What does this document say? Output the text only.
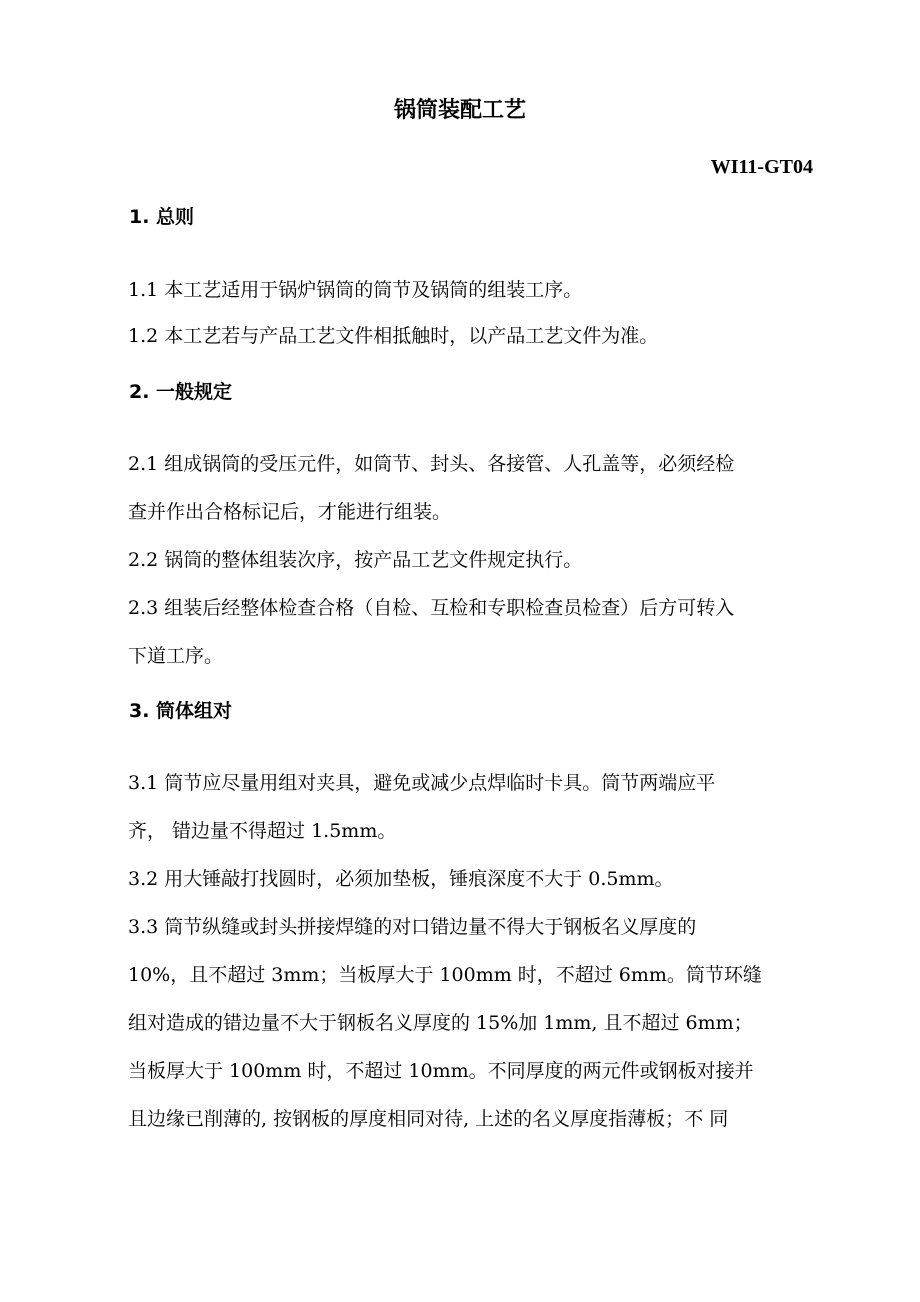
锅筒装配工艺
WI11-GT04
1. 总则
1.1 本工艺适用于锅炉锅筒的筒节及锅筒的组装工序。
1.2 本工艺若与产品工艺文件相抵触时，以产品工艺文件为准。
2. 一般规定
2.1 组成锅筒的受压元件，如筒节、封头、各接管、人孔盖等，必须经检
查并作出合格标记后，才能进行组装。
2.2 锅筒的整体组装次序，按产品工艺文件规定执行。
2.3 组装后经整体检查合格（自检、互检和专职检查员检查）后方可转入
下道工序。
3. 筒体组对
3.1 筒节应尽量用组对夹具，避免或减少点焊临时卡具。筒节两端应平
齐， 错边量不得超过 1.5mm。
3.2 用大锤敲打找圆时，必须加垫板，锤痕深度不大于 0.5mm。
3.3 筒节纵缝或封头拼接焊缝的对口错边量不得大于钢板名义厚度的
10%，且不超过 3mm；当板厚大于 100mm 时，不超过 6mm。筒节环缝
组对造成的错边量不大于钢板名义厚度的 15%加 1mm, 且不超过 6mm；
当板厚大于 100mm 时，不超过 10mm。不同厚度的两元件或钢板对接并
且边缘已削薄的, 按钢板的厚度相同对待, 上述的名义厚度指薄板；不 同
